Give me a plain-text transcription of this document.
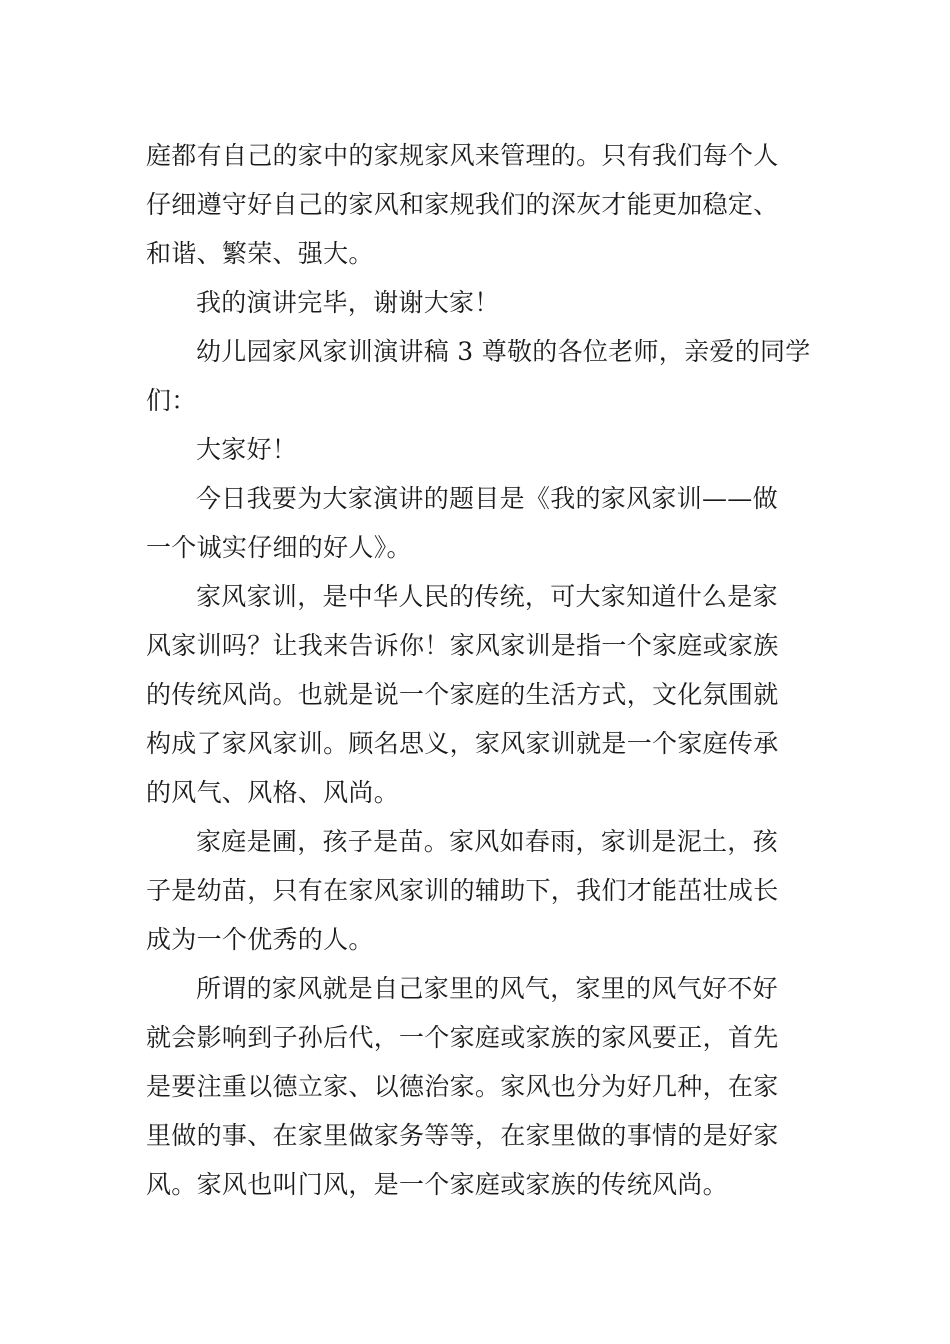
庭都有自己的家中的家规家风来管理的。只有我们每个人
仔细遵守好自己的家风和家规我们的深灰才能更加稳定、
和谐、繁荣、强大。
我的演讲完毕，谢谢大家！
幼儿园家风家训演讲稿 3 尊敬的各位老师，亲爱的同学
们：
大家好！
今日我要为大家演讲的题目是《我的家风家训——做
一个诚实仔细的好人》。
家风家训，是中华人民的传统，可大家知道什么是家
风家训吗？让我来告诉你！家风家训是指一个家庭或家族
的传统风尚。也就是说一个家庭的生活方式，文化氛围就
构成了家风家训。顾名思义，家风家训就是一个家庭传承
的风气、风格、风尚。
家庭是圃，孩子是苗。家风如春雨，家训是泥土，孩
子是幼苗，只有在家风家训的辅助下，我们才能茁壮成长
成为一个优秀的人。
所谓的家风就是自己家里的风气，家里的风气好不好
就会影响到子孙后代，一个家庭或家族的家风要正，首先
是要注重以德立家、以德治家。家风也分为好几种，在家
里做的事、在家里做家务等等，在家里做的事情的是好家
风。家风也叫门风，是一个家庭或家族的传统风尚。
